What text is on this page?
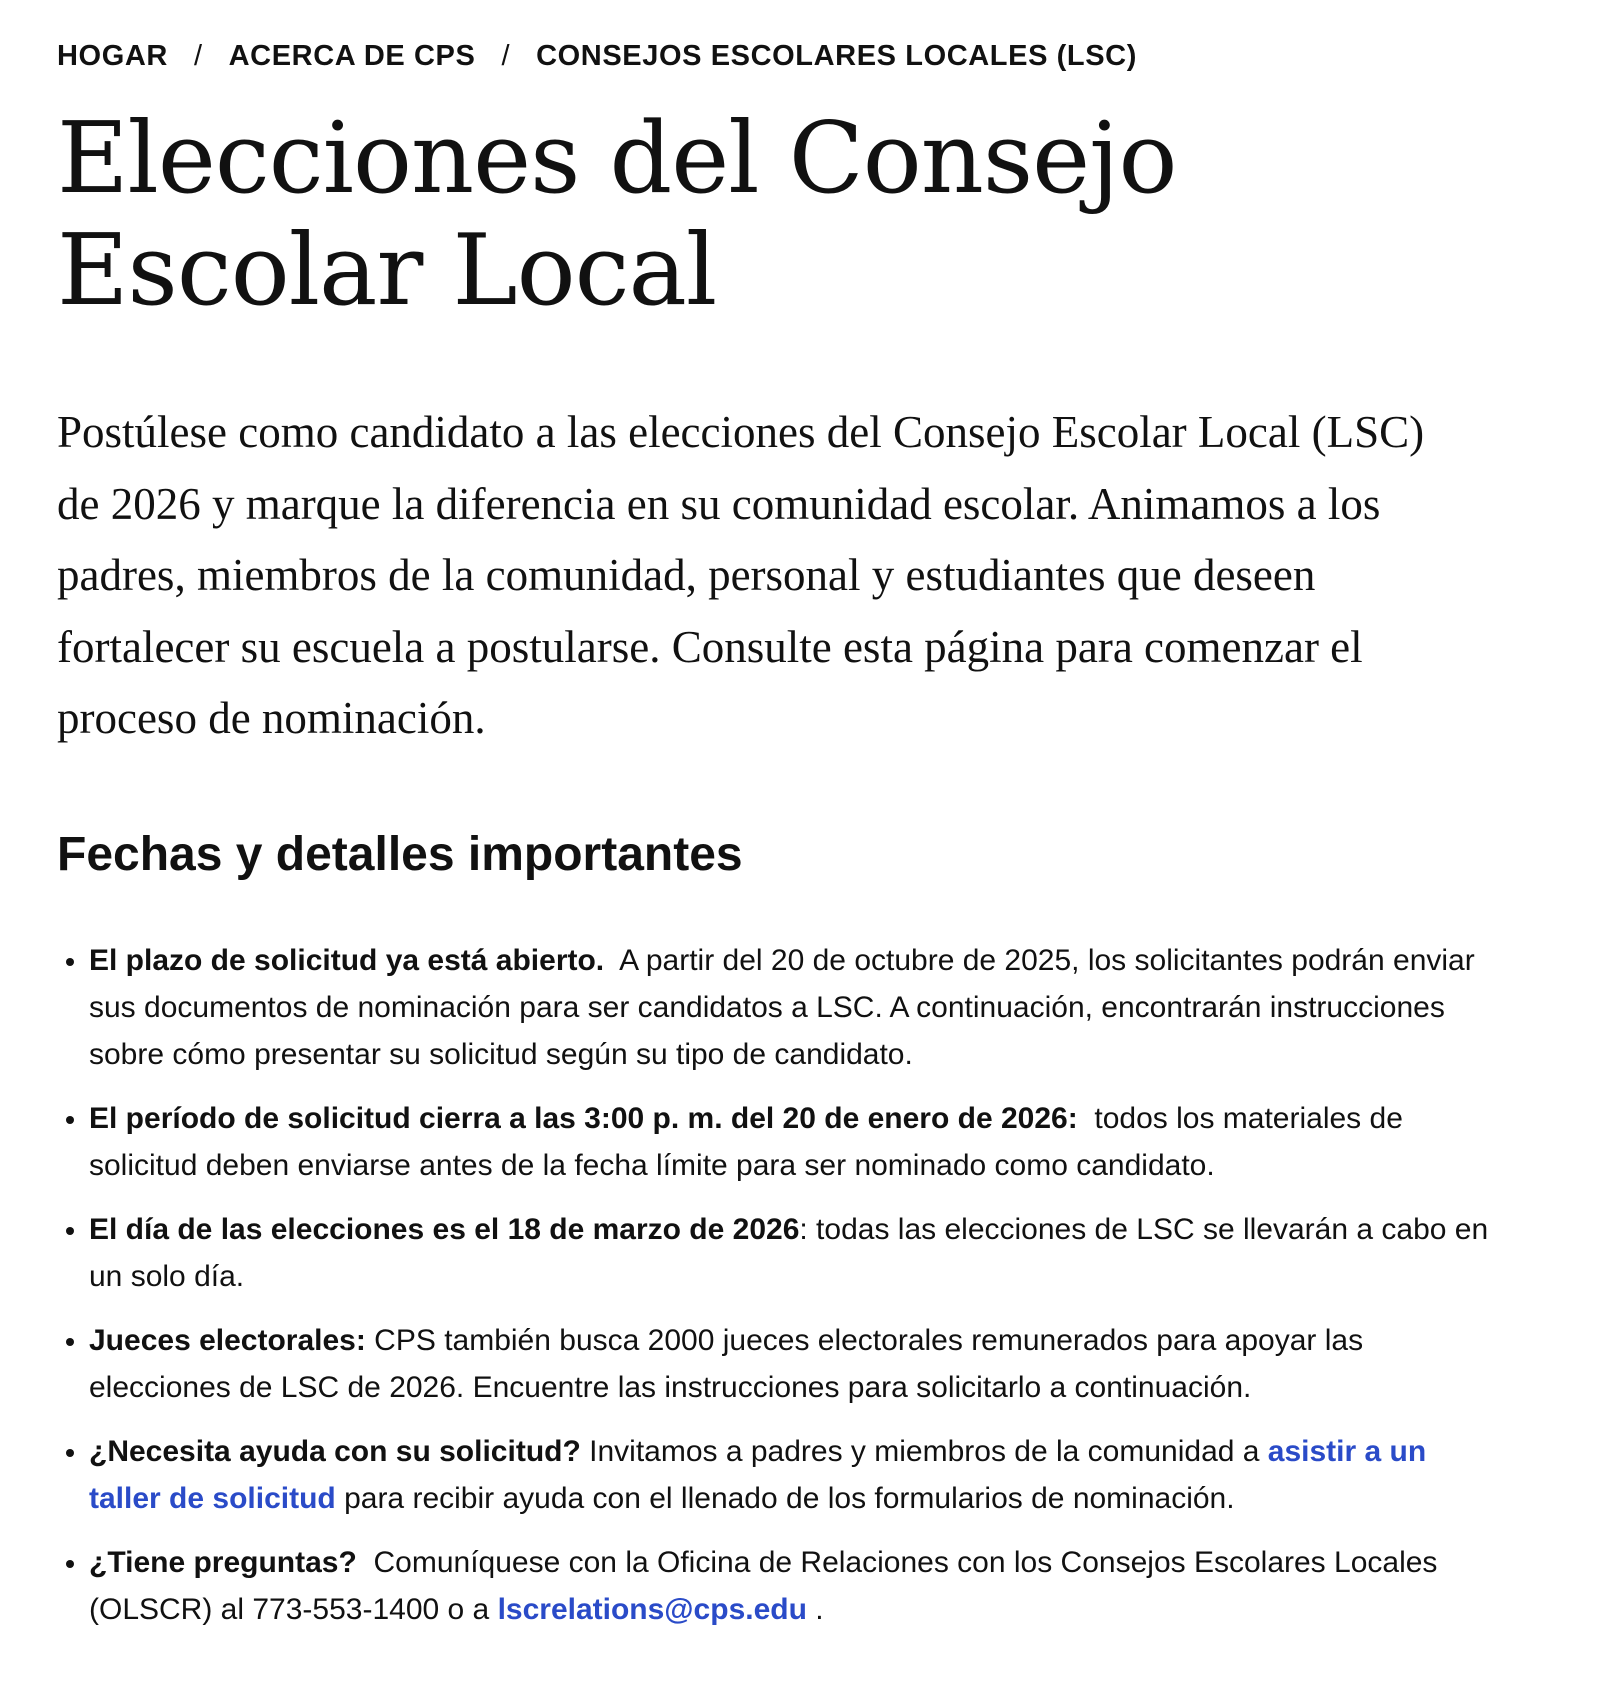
HOGAR / ACERCA DE CPS / CONSEJOS ESCOLARES LOCALES (LSC)
Elecciones del Consejo Escolar Local

Postúlese como candidato a las elecciones del Consejo Escolar Local (LSC) de 2026 y marque la diferencia en su comunidad escolar. Animamos a los padres, miembros de la comunidad, personal y estudiantes que deseen fortalecer su escuela a postularse. Consulte esta página para comenzar el proceso de nominación.

Fechas y detalles importantes
• El plazo de solicitud ya está abierto.  A partir del 20 de octubre de 2025, los solicitantes podrán enviar sus documentos de nominación para ser candidatos a LSC. A continuación, encontrarán instrucciones sobre cómo presentar su solicitud según su tipo de candidato.
• El período de solicitud cierra a las 3:00 p. m. del 20 de enero de 2026:  todos los materiales de solicitud deben enviarse antes de la fecha límite para ser nominado como candidato.
• El día de las elecciones es el 18 de marzo de 2026: todas las elecciones de LSC se llevarán a cabo en un solo día.
• Jueces electorales: CPS también busca 2000 jueces electorales remunerados para apoyar las elecciones de LSC de 2026. Encuentre las instrucciones para solicitarlo a continuación.
• ¿Necesita ayuda con su solicitud? Invitamos a padres y miembros de la comunidad a asistir a un taller de solicitud para recibir ayuda con el llenado de los formularios de nominación.
• ¿Tiene preguntas?  Comuníquese con la Oficina de Relaciones con los Consejos Escolares Locales (OLSCR) al 773-553-1400 o a lscrelations@cps.edu .
